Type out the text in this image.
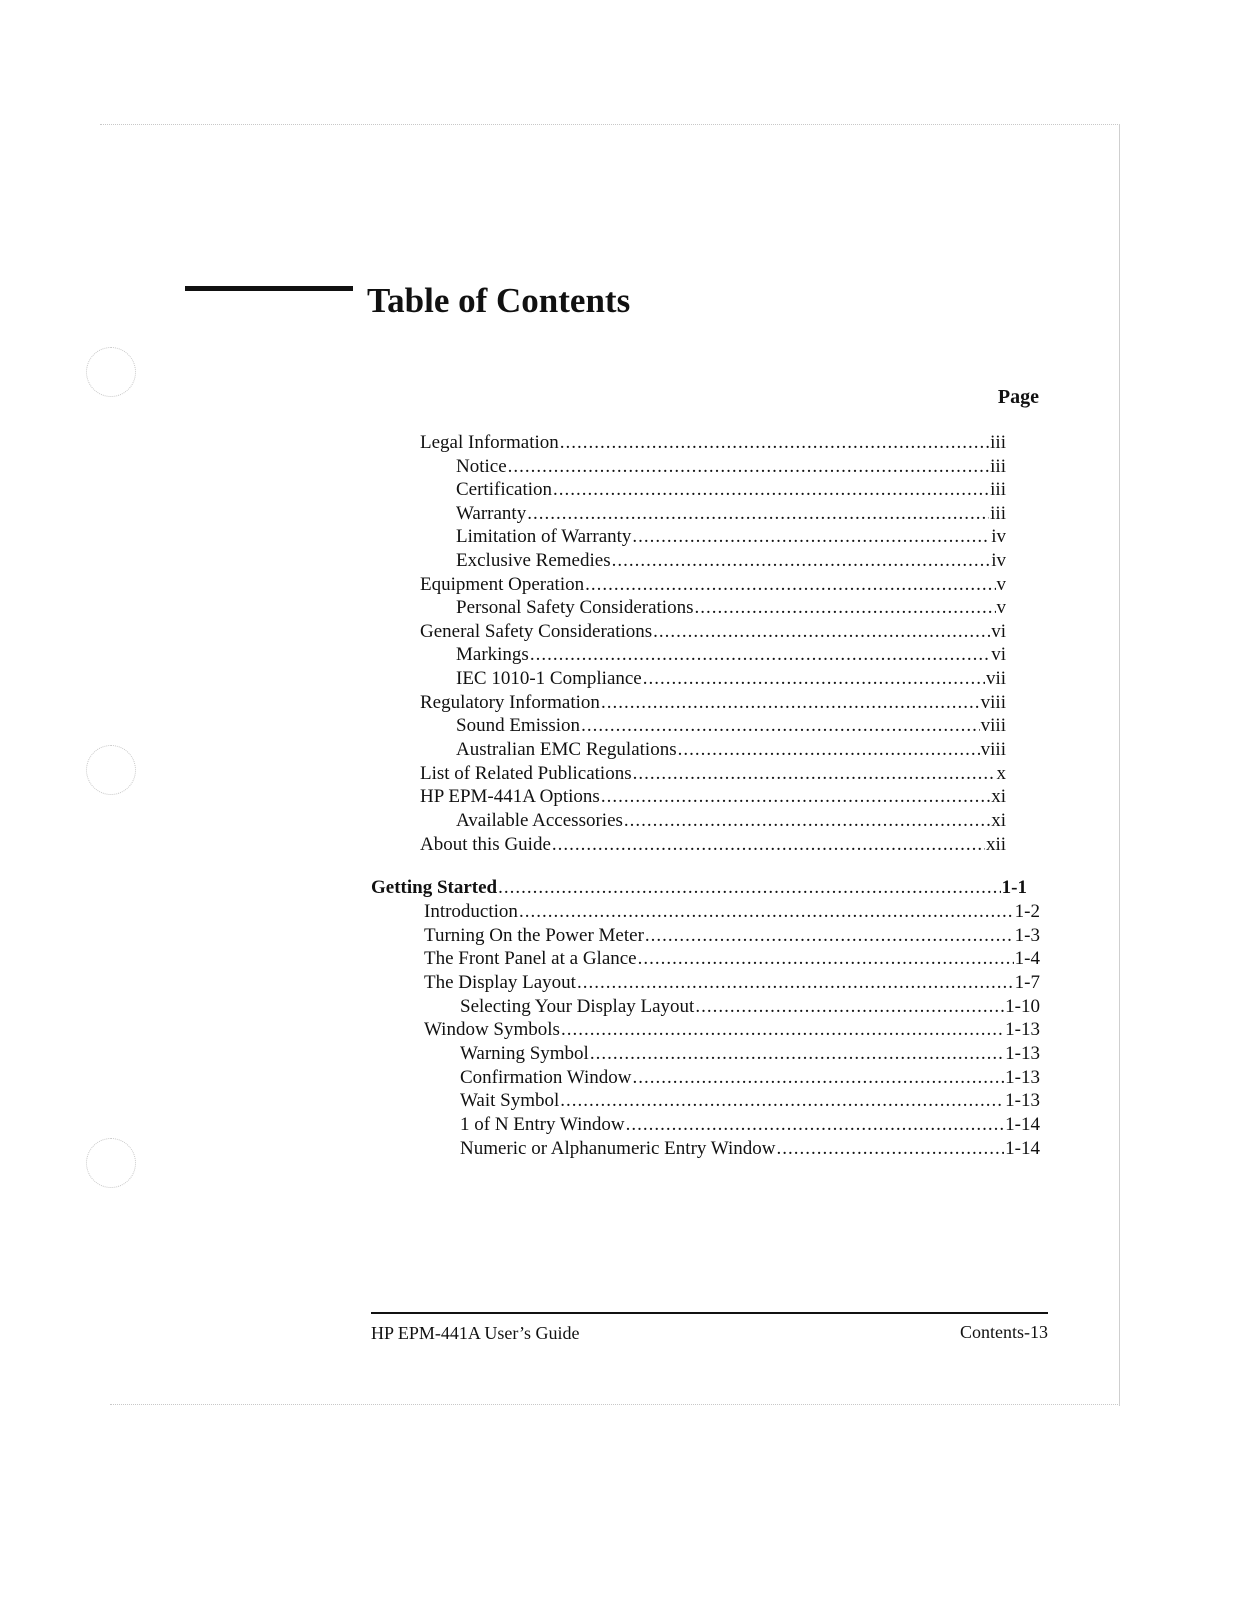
Table of Contents
Page
Legal Information .....	iii
Notice .....	iii
Certification .....	iii
Warranty .....	iii
Limitation of Warranty .....	iv
Exclusive Remedies .....	iv
Equipment Operation .....	v
Personal Safety Considerations .....	v
General Safety Considerations .....	vi
Markings .....	vi
IEC 1010-1 Compliance .....	vii
Regulatory Information .....	viii
Sound Emission .....	viii
Australian EMC Regulations .....	viii
List of Related Publications .....	x
HP EPM-441A Options .....	xi
Available Accessories .....	xi
About this Guide .....	xii
Getting Started .....	1-1
Introduction .....	1-2
Turning On the Power Meter .....	1-3
The Front Panel at a Glance .....	1-4
The Display Layout .....	1-7
Selecting Your Display Layout .....	1-10
Window Symbols .....	1-13
Warning Symbol .....	1-13
Confirmation Window .....	1-13
Wait Symbol .....	1-13
1 of N Entry Window .....	1-14
Numeric or Alphanumeric Entry Window .....	1-14
HP EPM-441A User’s Guide	Contents-13
